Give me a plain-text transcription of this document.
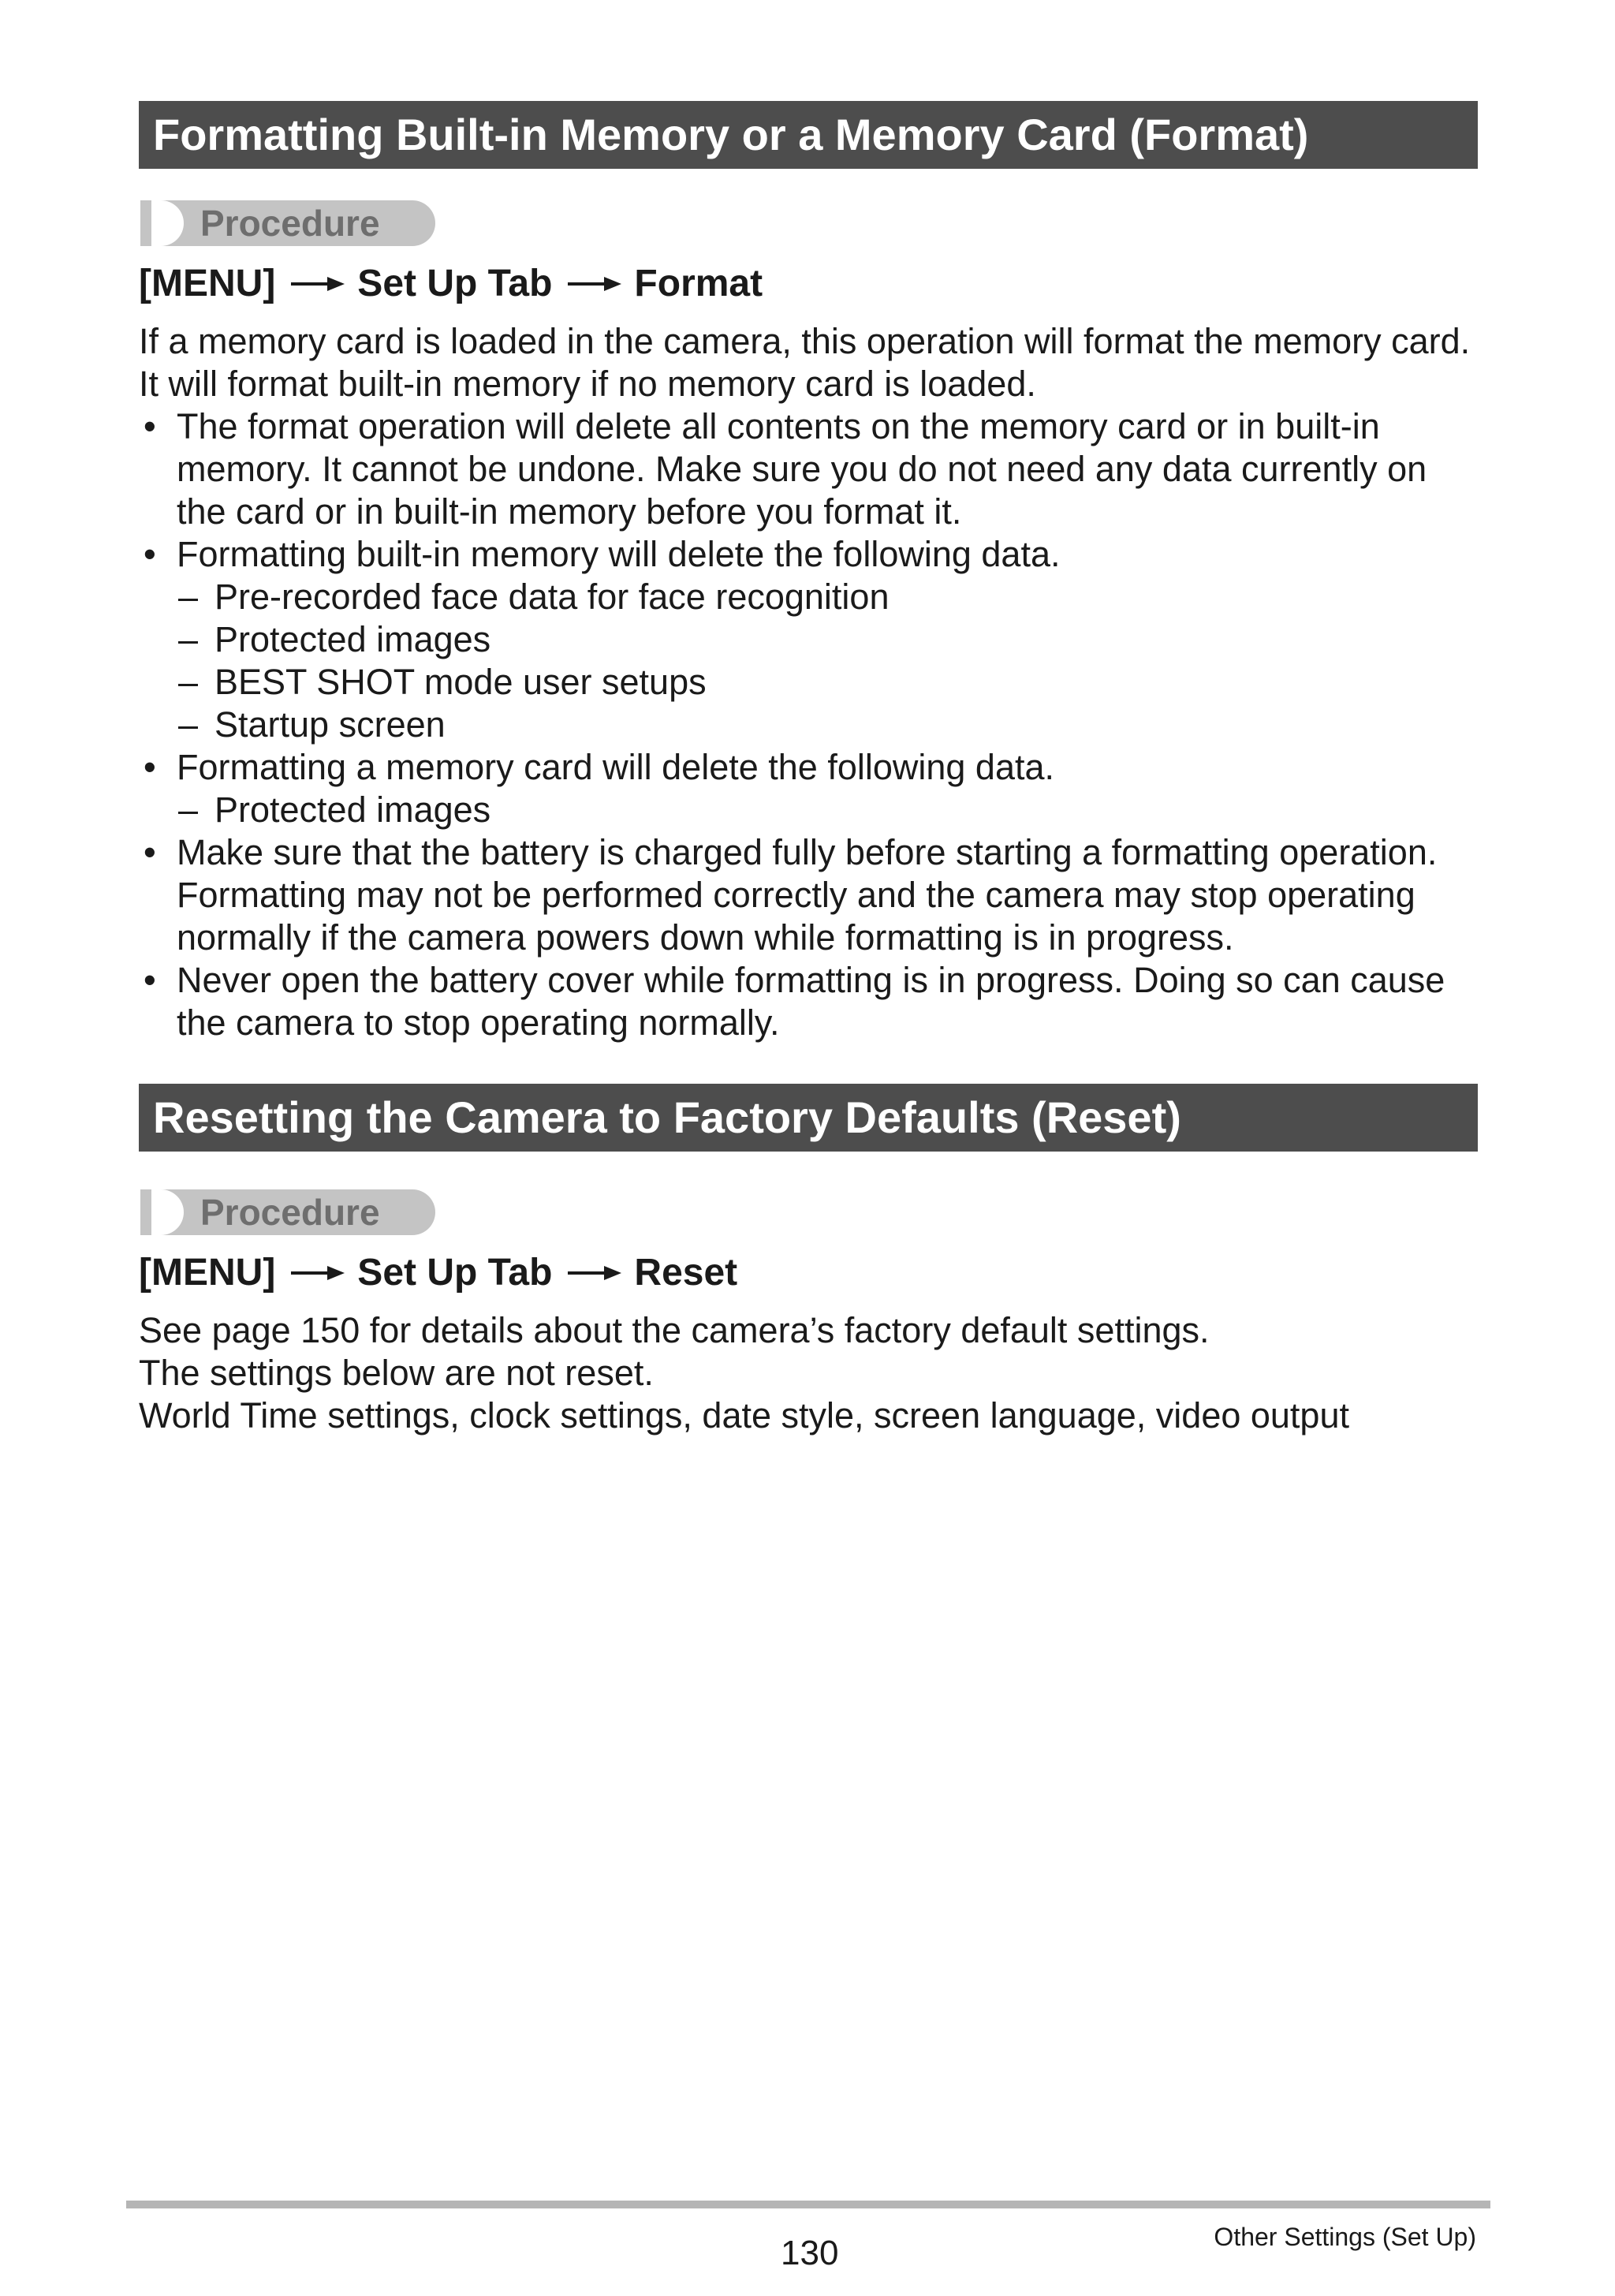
Formatting Built-in Memory or a Memory Card (Format)
Procedure
[MENU] Set Up Tab Format
If a memory card is loaded in the camera, this operation will format the memory card.
It will format built-in memory if no memory card is loaded.
• The format operation will delete all contents on the memory card or in built-in
memory. It cannot be undone. Make sure you do not need any data currently on
the card or in built-in memory before you format it.
• Formatting built-in memory will delete the following data.
– Pre-recorded face data for face recognition
– Protected images
– BEST SHOT mode user setups
– Startup screen
• Formatting a memory card will delete the following data.
– Protected images
• Make sure that the battery is charged fully before starting a formatting operation.
Formatting may not be performed correctly and the camera may stop operating
normally if the camera powers down while formatting is in progress.
• Never open the battery cover while formatting is in progress. Doing so can cause
the camera to stop operating normally.
Resetting the Camera to Factory Defaults (Reset)
Procedure
[MENU] Set Up Tab Reset
See page 150 for details about the camera’s factory default settings.
The settings below are not reset.
World Time settings, clock settings, date style, screen language, video output
130	Other Settings (Set Up)
